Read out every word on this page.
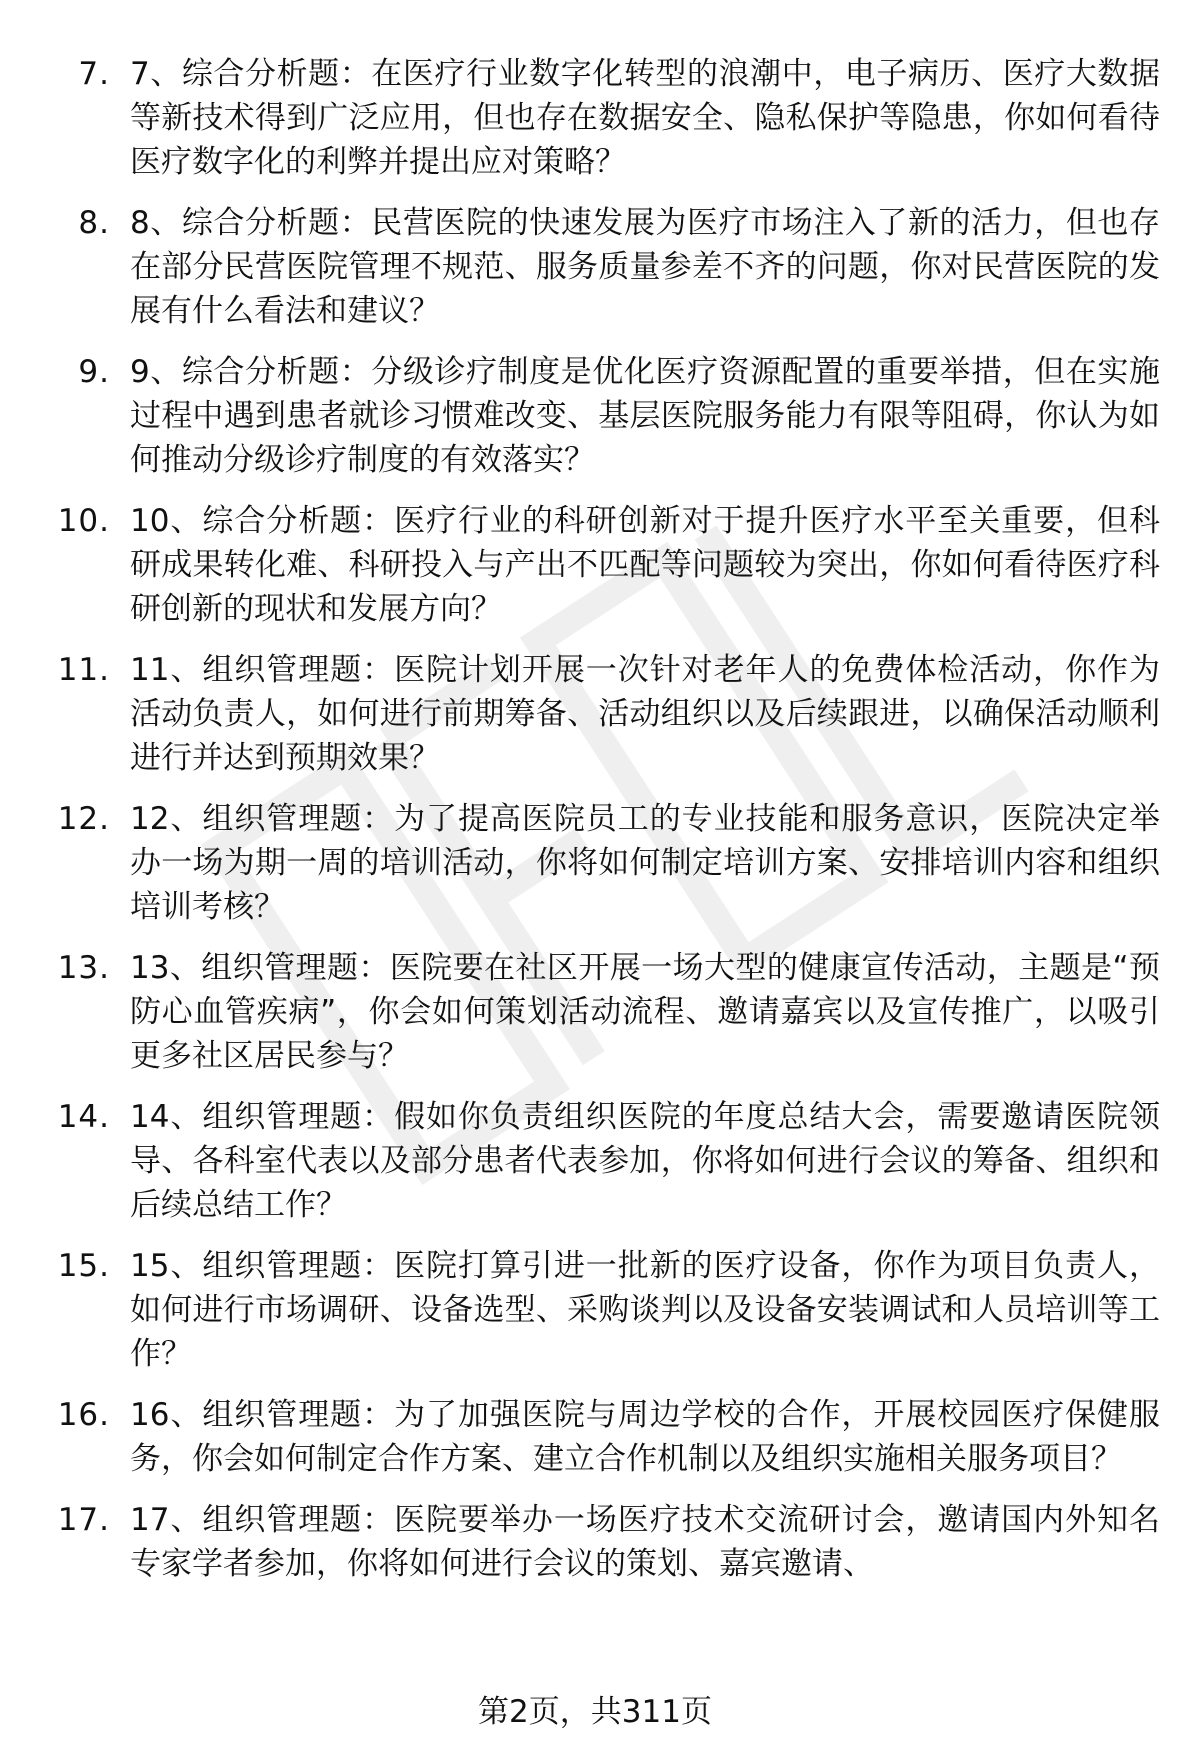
7. 7、综合分析题：在医疗行业数字化转型的浪潮中，电子病历、医疗大数据等新技术得到广泛应用，但也存在数据安全、隐私保护等隐患，你如何看待医疗数字化的利弊并提出应对策略？
8. 8、综合分析题：民营医院的快速发展为医疗市场注入了新的活力，但也存在部分民营医院管理不规范、服务质量参差不齐的问题，你对民营医院的发展有什么看法和建议？
9. 9、综合分析题：分级诊疗制度是优化医疗资源配置的重要举措，但在实施过程中遇到患者就诊习惯难改变、基层医院服务能力有限等阻碍，你认为如何推动分级诊疗制度的有效落实？
10. 10、综合分析题：医疗行业的科研创新对于提升医疗水平至关重要，但科研成果转化难、科研投入与产出不匹配等问题较为突出，你如何看待医疗科研创新的现状和发展方向？
11. 11、组织管理题：医院计划开展一次针对老年人的免费体检活动，你作为活动负责人，如何进行前期筹备、活动组织以及后续跟进，以确保活动顺利进行并达到预期效果？
12. 12、组织管理题：为了提高医院员工的专业技能和服务意识，医院决定举办一场为期一周的培训活动，你将如何制定培训方案、安排培训内容和组织培训考核？
13. 13、组织管理题：医院要在社区开展一场大型的健康宣传活动，主题是“预防心血管疾病”，你会如何策划活动流程、邀请嘉宾以及宣传推广，以吸引更多社区居民参与？
14. 14、组织管理题：假如你负责组织医院的年度总结大会，需要邀请医院领导、各科室代表以及部分患者代表参加，你将如何进行会议的筹备、组织和后续总结工作？
15. 15、组织管理题：医院打算引进一批新的医疗设备，你作为项目负责人，如何进行市场调研、设备选型、采购谈判以及设备安装调试和人员培训等工作？
16. 16、组织管理题：为了加强医院与周边学校的合作，开展校园医疗保健服务，你会如何制定合作方案、建立合作机制以及组织实施相关服务项目？
17. 17、组织管理题：医院要举办一场医疗技术交流研讨会，邀请国内外知名专家学者参加，你将如何进行会议的策划、嘉宾邀请、
第2页，共311页
